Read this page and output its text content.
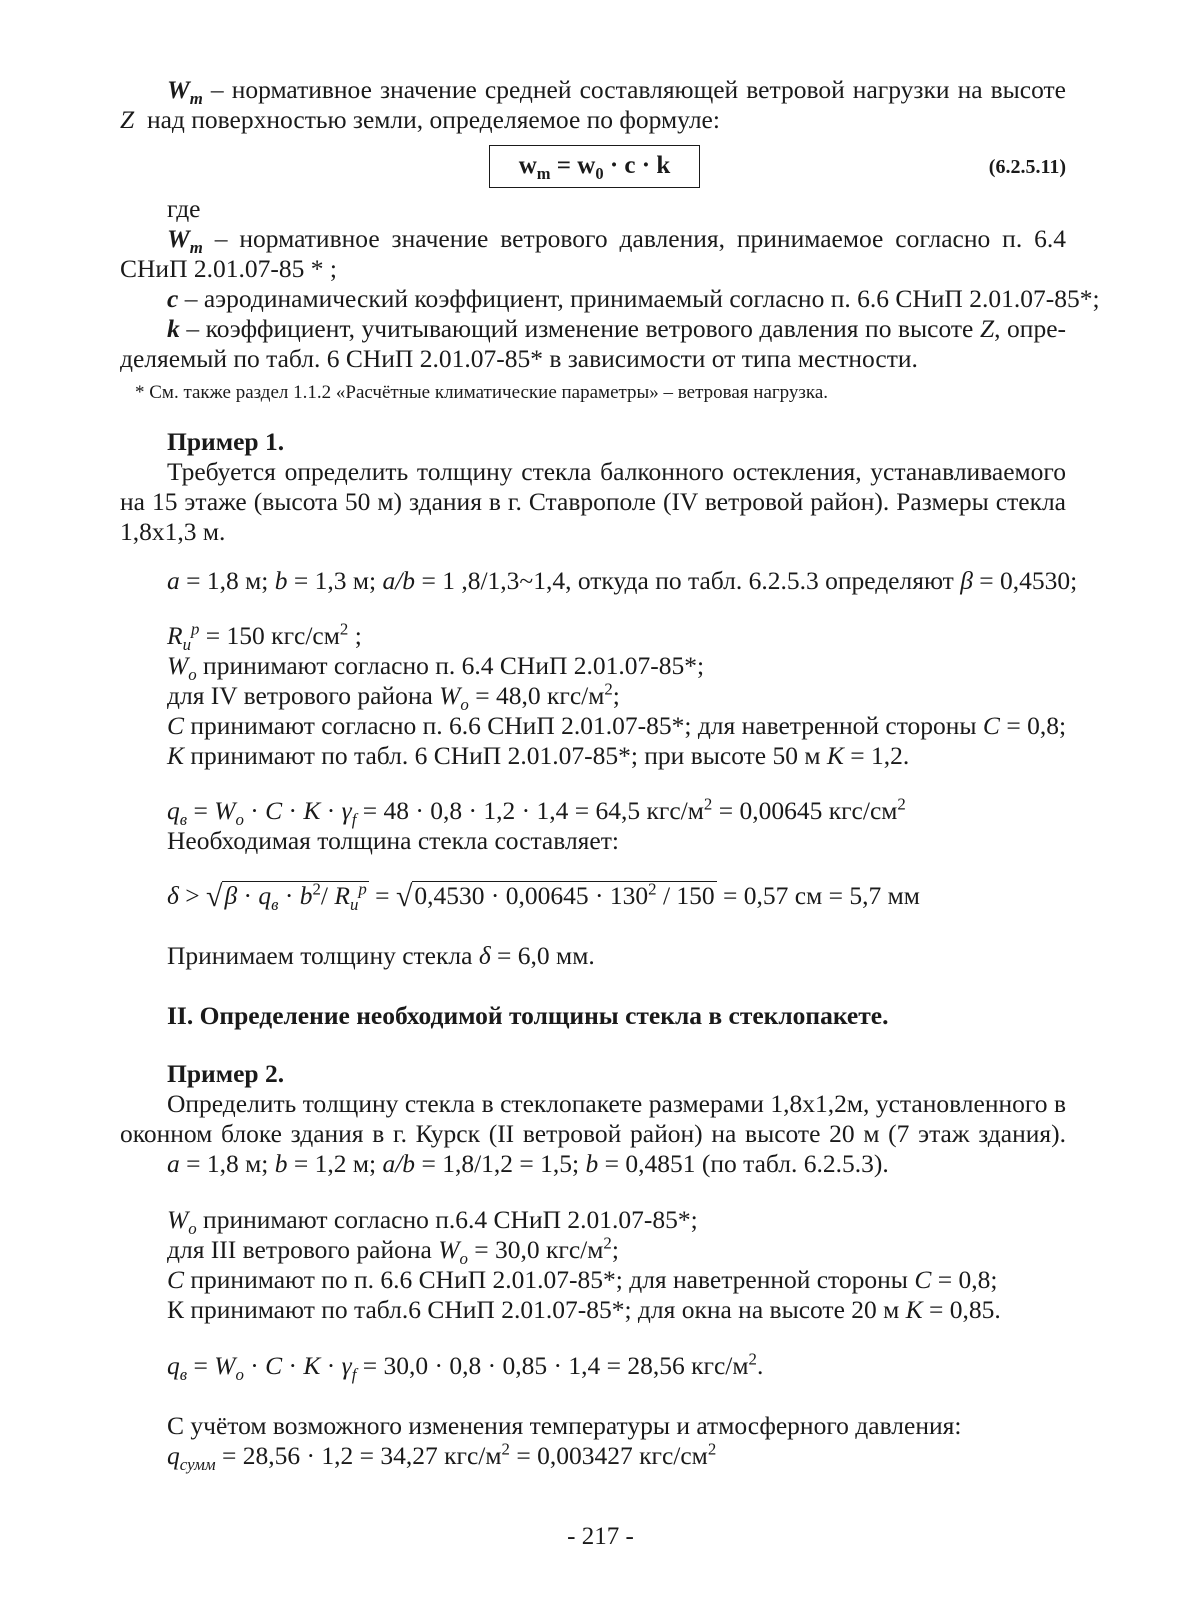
$W_m$ – нормативное значение средней составляющей ветровой нагрузки на высоте
Z над поверхностью земли, определяемое по формуле:
$w_m = w_0 \cdot c \cdot k$	(6.2.5.11)
где
$W_m$ – нормативное значение ветрового давления, принимаемое согласно п. 6.4
СНиП 2.01.07-85 * ;
c – аэродинамический коэффициент, принимаемый согласно п. 6.6 СНиП 2.01.07-85*;
k – коэффициент, учитывающий изменение ветрового давления по высоте Z, опре-
деляемый по табл. 6 СНиП 2.01.07-85* в зависимости от типа местности.
* См. также раздел 1.1.2 «Расчётные климатические параметры» – ветровая нагрузка.
Пример 1.
Требуется определить толщину стекла балконного остекления, устанавливаемого
на 15 этаже (высота 50 м) здания в г. Ставрополе (IV ветровой район). Размеры стекла
1,8х1,3 м.
a = 1,8 м; b = 1,3 м; a/b = 1 ,8/1,3~1,4, откуда по табл. 6.2.5.3 определяют β = 0,4530;
$R_u^p = 150$ кгс/$см^2$ ;
$W_o$ принимают согласно п. 6.4 СНиП 2.01.07-85*;
для IV ветрового района $W_o = 48,0$ кгс/$м^2$;
C принимают согласно п. 6.6 СНиП 2.01.07-85*; для наветренной стороны C = 0,8;
K принимают по табл. 6 СНиП 2.01.07-85*; при высоте 50 м K = 1,2.
$q_в = W_o \cdot C \cdot K \cdot \gamma_f = 48 \cdot 0,8 \cdot 1,2 \cdot 1,4 = 64,5$ кгс/$м^2 = 0,00645$ кгс/$см^2$
Необходимая толщина стекла составляет:
$\delta > √\beta \cdot q_в \cdot b^2/$ $R_u^p = √0,4530 \cdot 0,00645 \cdot 130^2 / 150 = 0,57$ см = 5,7 мм
Принимаем толщину стекла δ = 6,0 мм.
II. Определение необходимой толщины стекла в стеклопакете.
Пример 2.
Определить толщину стекла в стеклопакете размерами 1,8х1,2м, установленного в
оконном блоке здания в г. Курск (II ветровой район) на высоте 20 м (7 этаж здания).
a = 1,8 м; b = 1,2 м; a/b = 1,8/1,2 = 1,5; b = 0,4851 (по табл. 6.2.5.3).
$W_o$ принимают согласно п.6.4 СНиП 2.01.07-85*;
для III ветрового района $W_o = 30,0$ кгс/$м^2$;
C принимают по п. 6.6 СНиП 2.01.07-85*; для наветренной стороны C = 0,8;
К принимают по табл.6 СНиП 2.01.07-85*; для окна на высоте 20 м K = 0,85.
$q_в = W_o \cdot C \cdot K \cdot \gamma_f = 30,0 \cdot 0,8 \cdot 0,85 \cdot 1,4 = 28,56$ кгс/$м^2$.
С учётом возможного изменения температуры и атмосферного давления:
$q_{сумм} = 28,56 \cdot 1,2 = 34,27$ кгс/$м^2 = 0,003427$ кгс/$см^2$
- 217 -
